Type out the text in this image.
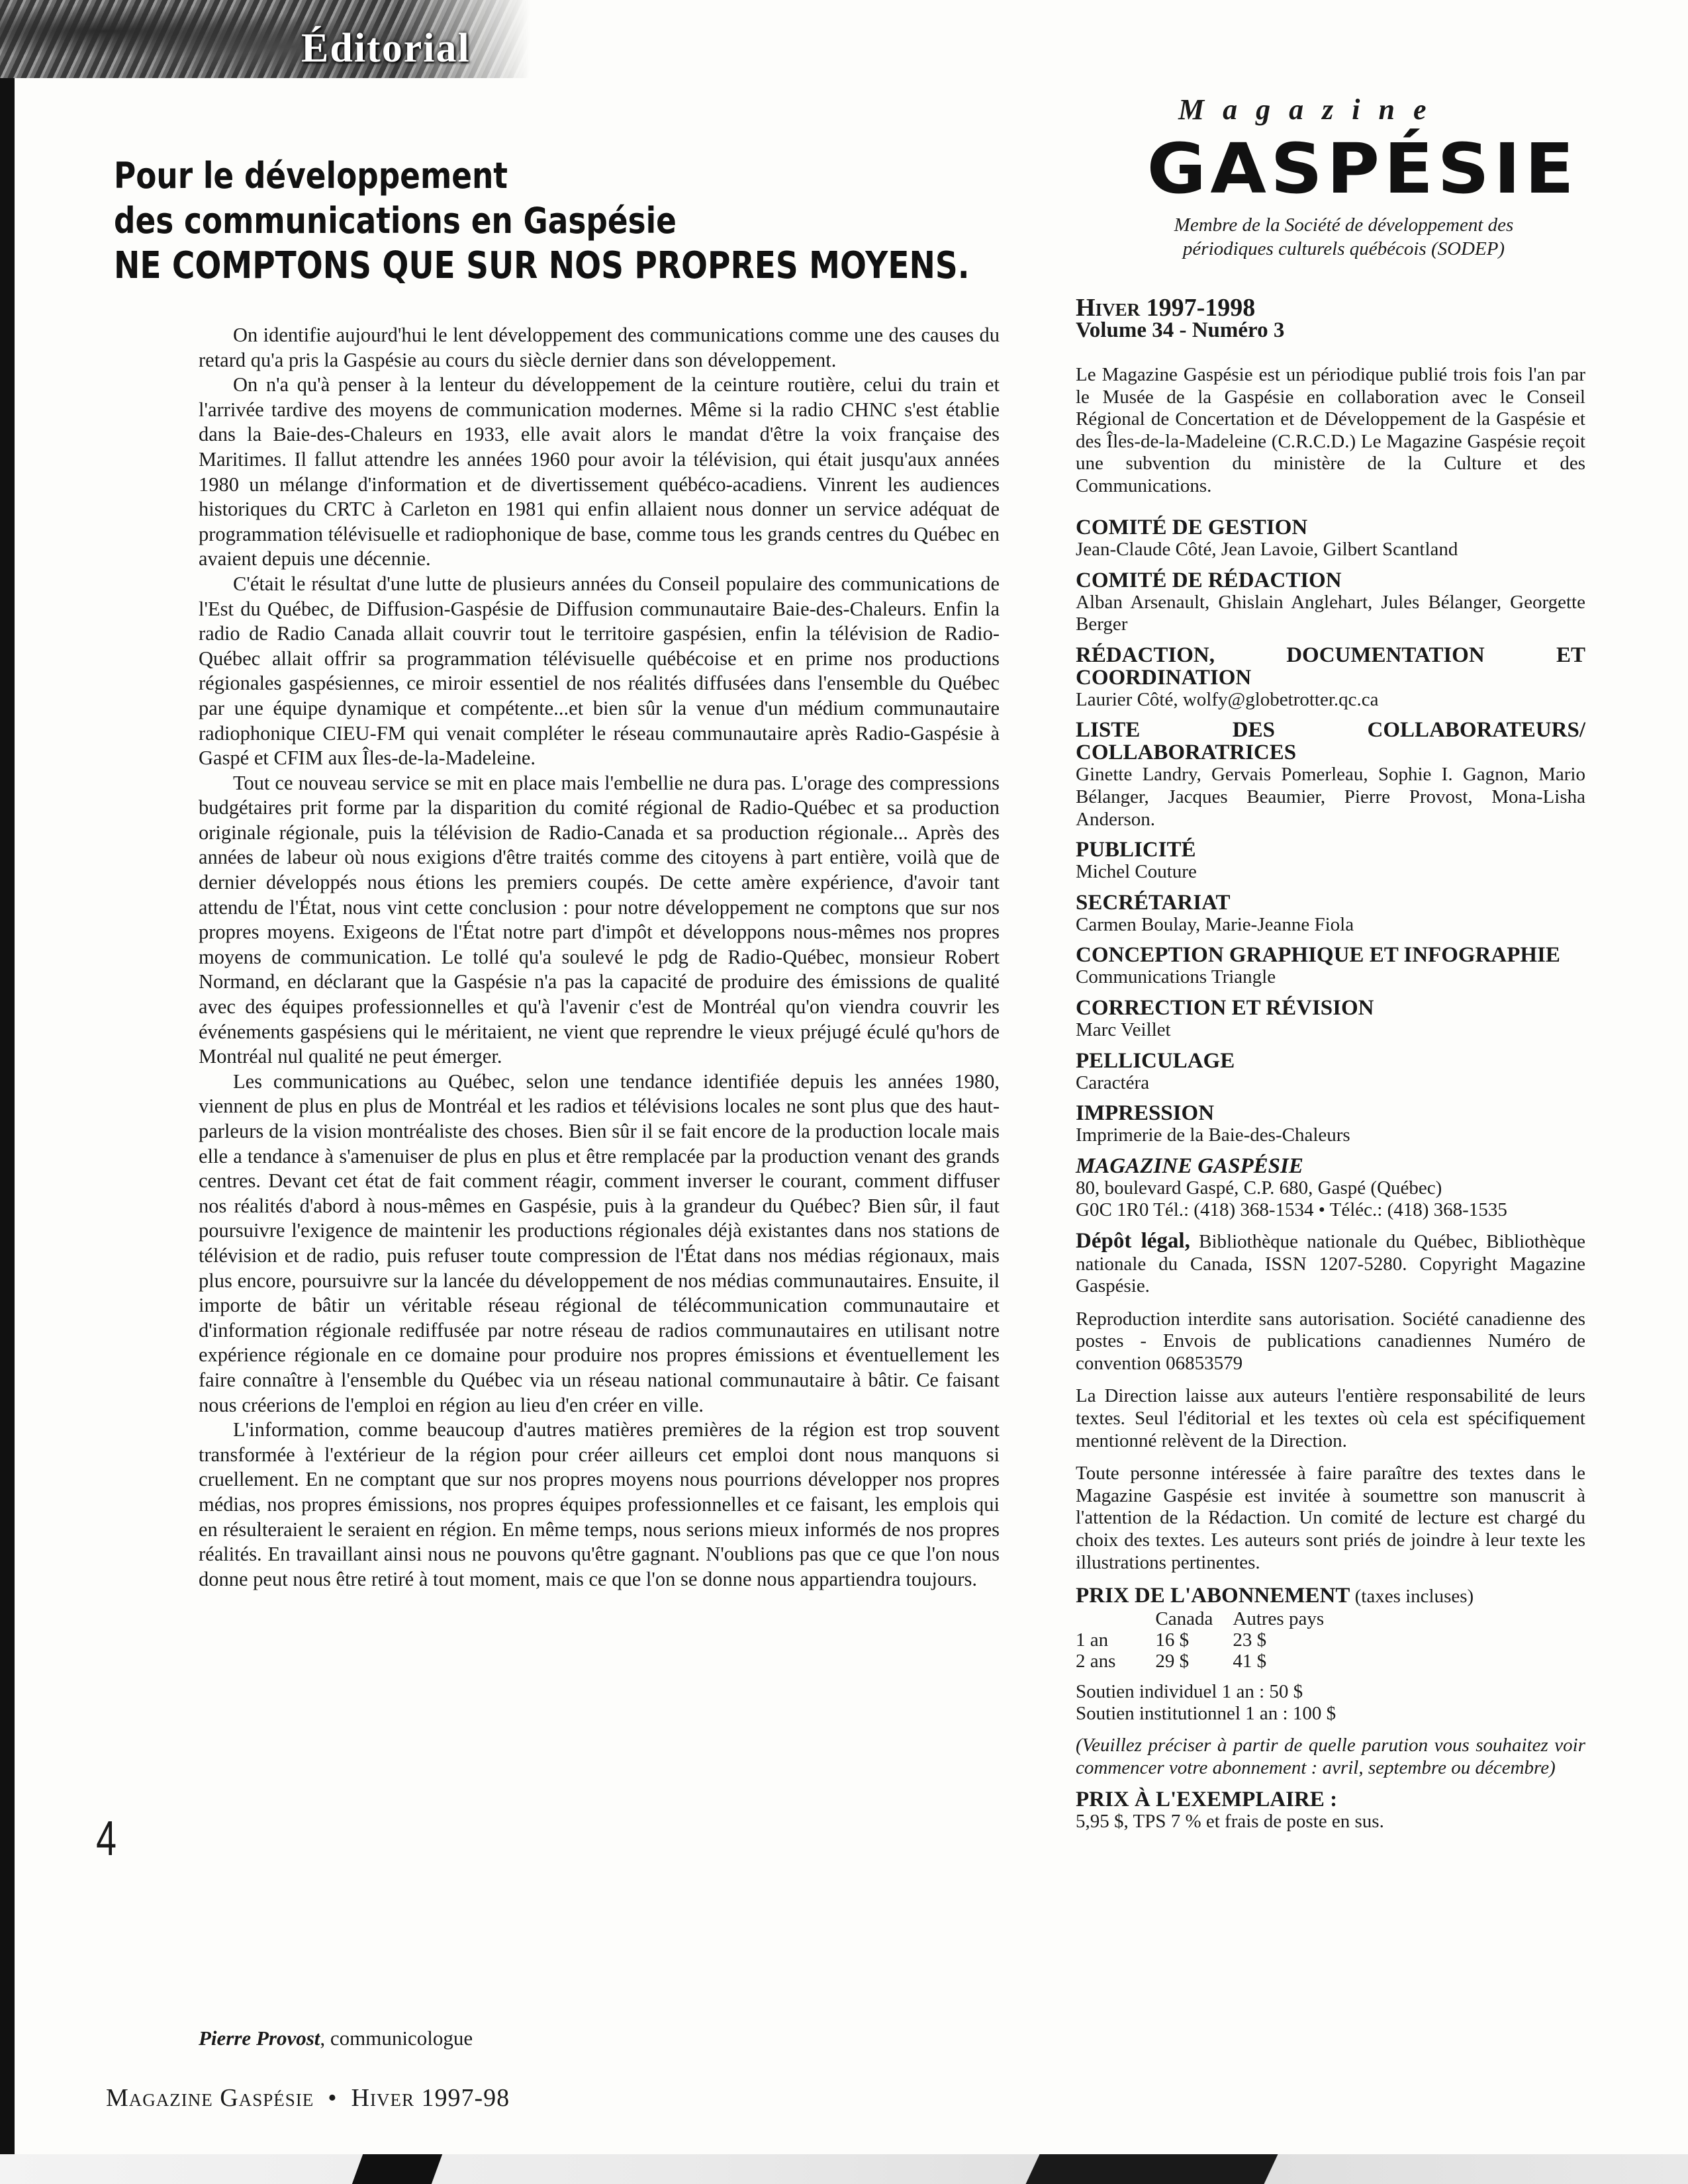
Éditorial
Pour le développement
des communications en Gaspésie
NE COMPTONS QUE SUR NOS PROPRES MOYENS.

On identifie aujourd'hui le lent développement des communications comme une des causes du retard qu'a pris la Gaspésie au cours du siècle dernier dans son développement.

On n'a qu'à penser à la lenteur du développement de la ceinture routière, celui du train et l'arrivée tardive des moyens de communication modernes. Même si la radio CHNC s'est établie dans la Baie-des-Chaleurs en 1933, elle avait alors le mandat d'être la voix française des Maritimes. Il fallut attendre les années 1960 pour avoir la télévision, qui était jusqu'aux années 1980 un mélange d'information et de divertissement québéco-acadiens. Vinrent les audiences historiques du CRTC à Carleton en 1981 qui enfin allaient nous donner un service adéquat de programmation télévisuelle et radiophonique de base, comme tous les grands centres du Québec en avaient depuis une décennie.

C'était le résultat d'une lutte de plusieurs années du Conseil populaire des communications de l'Est du Québec, de Diffusion-Gaspésie de Diffusion communautaire Baie-des-Chaleurs. Enfin la radio de Radio Canada allait couvrir tout le territoire gaspésien, enfin la télévision de Radio-Québec allait offrir sa programmation télévisuelle québécoise et en prime nos productions régionales gaspésiennes, ce miroir essentiel de nos réalités diffusées dans l'ensemble du Québec par une équipe dynamique et compétente...et bien sûr la venue d'un médium communautaire radiophonique CIEU-FM qui venait compléter le réseau communautaire après Radio-Gaspésie à Gaspé et CFIM aux Îles-de-la-Madeleine.

Tout ce nouveau service se mit en place mais l'embellie ne dura pas. L'orage des compressions budgétaires prit forme par la disparition du comité régional de Radio-Québec et sa production originale régionale, puis la télévision de Radio-Canada et sa production régionale... Après des années de labeur où nous exigions d'être traités comme des citoyens à part entière, voilà que de dernier développés nous étions les premiers coupés. De cette amère expérience, d'avoir tant attendu de l'État, nous vint cette conclusion : pour notre développement ne comptons que sur nos propres moyens. Exigeons de l'État notre part d'impôt et développons nous-mêmes nos propres moyens de communication. Le tollé qu'a soulevé le pdg de Radio-Québec, monsieur Robert Normand, en déclarant que la Gaspésie n'a pas la capacité de produire des émissions de qualité avec des équipes professionnelles et qu'à l'avenir c'est de Montréal qu'on viendra couvrir les événements gaspésiens qui le méritaient, ne vient que reprendre le vieux préjugé éculé qu'hors de Montréal nul qualité ne peut émerger.

Les communications au Québec, selon une tendance identifiée depuis les années 1980, viennent de plus en plus de Montréal et les radios et télévisions locales ne sont plus que des haut-parleurs de la vision montréaliste des choses. Bien sûr il se fait encore de la production locale mais elle a tendance à s'amenuiser de plus en plus et être remplacée par la production venant des grands centres. Devant cet état de fait comment réagir, comment inverser le courant, comment diffuser nos réalités d'abord à nous-mêmes en Gaspésie, puis à la grandeur du Québec? Bien sûr, il faut poursuivre l'exigence de maintenir les productions régionales déjà existantes dans nos stations de télévision et de radio, puis refuser toute compression de l'État dans nos médias régionaux, mais plus encore, poursuivre sur la lancée du développement de nos médias communautaires. Ensuite, il importe de bâtir un véritable réseau régional de télécommunication communautaire et d'information régionale rediffusée par notre réseau de radios communautaires en utilisant notre expérience régionale en ce domaine pour produire nos propres émissions et éventuellement les faire connaître à l'ensemble du Québec via un réseau national communautaire à bâtir. Ce faisant nous créerions de l'emploi en région au lieu d'en créer en ville.

L'information, comme beaucoup d'autres matières premières de la région est trop souvent transformée à l'extérieur de la région pour créer ailleurs cet emploi dont nous manquons si cruellement. En ne comptant que sur nos propres moyens nous pourrions développer nos propres médias, nos propres émissions, nos propres équipes professionnelles et ce faisant, les emplois qui en résulteraient le seraient en région. En même temps, nous serions mieux informés de nos propres réalités. En travaillant ainsi nous ne pouvons qu'être gagnant. N'oublions pas que ce que l'on nous donne peut nous être retiré à tout moment, mais ce que l'on se donne nous appartiendra toujours.

Pierre Provost, communicologue
4
Magazine Gaspésie • Hiver 1997-98
Magazine
GASPÉSIE
Membre de la Société de développement des
périodiques culturels québécois (SODEP)
Hiver 1997-1998
Volume 34 - Numéro 3
Le Magazine Gaspésie est un périodique publié trois fois l'an par le Musée de la Gaspésie en collaboration avec le Conseil Régional de Concertation et de Développement de la Gaspésie et des Îles-de-la-Madeleine (C.R.C.D.) Le Magazine Gaspésie reçoit une subvention du ministère de la Culture et des Communications.
COMITÉ DE GESTION
Jean-Claude Côté, Jean Lavoie, Gilbert Scantland
COMITÉ DE RÉDACTION
Alban Arsenault, Ghislain Anglehart, Jules Bélanger, Georgette Berger
RÉDACTION, DOCUMENTATION ET COORDINATION
Laurier Côté, wolfy@globetrotter.qc.ca
LISTE DES COLLABORATEURS/ COLLABORATRICES
Ginette Landry, Gervais Pomerleau, Sophie I. Gagnon, Mario Bélanger, Jacques Beaumier, Pierre Provost, Mona-Lisha Anderson.
PUBLICITÉ
Michel Couture
SECRÉTARIAT
Carmen Boulay, Marie-Jeanne Fiola
CONCEPTION GRAPHIQUE ET INFOGRAPHIE
Communications Triangle
CORRECTION ET RÉVISION
Marc Veillet
PELLICULAGE
Caractéra
IMPRESSION
Imprimerie de la Baie-des-Chaleurs
MAGAZINE GASPÉSIE
80, boulevard Gaspé, C.P. 680, Gaspé (Québec)
G0C 1R0 Tél.: (418) 368-1534 • Téléc.: (418) 368-1535
Dépôt légal, Bibliothèque nationale du Québec, Bibliothèque nationale du Canada, ISSN 1207-5280. Copyright Magazine Gaspésie.
Reproduction interdite sans autorisation. Société canadienne des postes - Envois de publications canadiennes Numéro de convention 06853579
La Direction laisse aux auteurs l'entière responsabilité de leurs textes. Seul l'éditorial et les textes où cela est spécifiquement mentionné relèvent de la Direction.
Toute personne intéressée à faire paraître des textes dans le Magazine Gaspésie est invitée à soumettre son manuscrit à l'attention de la Rédaction. Un comité de lecture est chargé du choix des textes. Les auteurs sont priés de joindre à leur texte les illustrations pertinentes.
PRIX DE L'ABONNEMENT (taxes incluses)
	Canada	Autres pays
1 an	16 $	23 $
2 ans	29 $	41 $
Soutien individuel 1 an : 50 $
Soutien institutionnel 1 an : 100 $
(Veuillez préciser à partir de quelle parution vous souhaitez voir commencer votre abonnement : avril, septembre ou décembre)
PRIX À L'EXEMPLAIRE :
5,95 $, TPS 7 % et frais de poste en sus.
